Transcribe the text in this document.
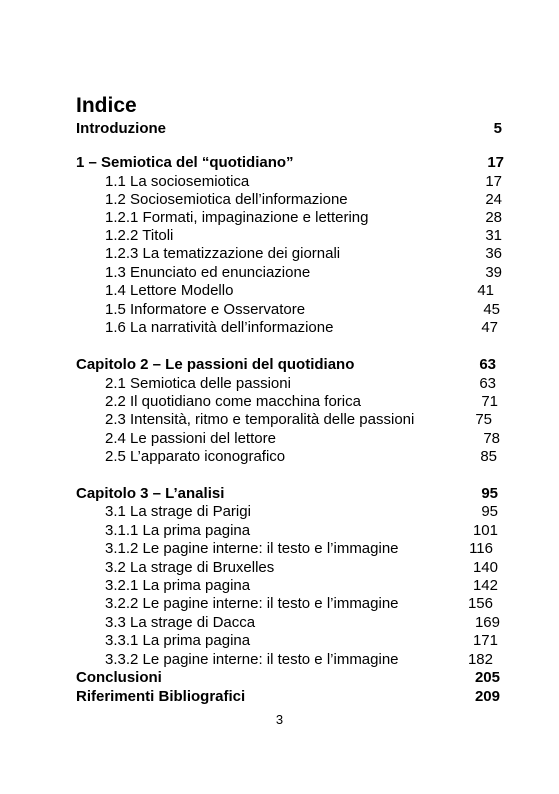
Indice
Introduzione	5
1 – Semiotica del “quotidiano”	17
1.1 La sociosemiotica	17
1.2 Sociosemiotica dell’informazione	24
1.2.1 Formati, impaginazione e lettering	28
1.2.2 Titoli	31
1.2.3 La tematizzazione dei giornali	36
1.3 Enunciato ed enunciazione	39
1.4 Lettore Modello	41
1.5 Informatore e Osservatore	45
1.6 La narratività dell’informazione	47
Capitolo 2 – Le passioni del quotidiano	63
2.1 Semiotica delle passioni	63
2.2 Il quotidiano come macchina forica	71
2.3 Intensità, ritmo e temporalità delle passioni	75
2.4 Le passioni del lettore	78
2.5 L’apparato iconografico	85
Capitolo 3 – L’analisi	95
3.1 La strage di Parigi	95
3.1.1 La prima pagina	101
3.1.2 Le pagine interne: il testo e l’immagine	116
3.2 La strage di Bruxelles	140
3.2.1 La prima pagina	142
3.2.2 Le pagine interne: il testo e l’immagine	156
3.3 La strage di Dacca	169
3.3.1 La prima pagina	171
3.3.2 Le pagine interne: il testo e l’immagine	182
Conclusioni	205
Riferimenti Bibliografici	209
3
